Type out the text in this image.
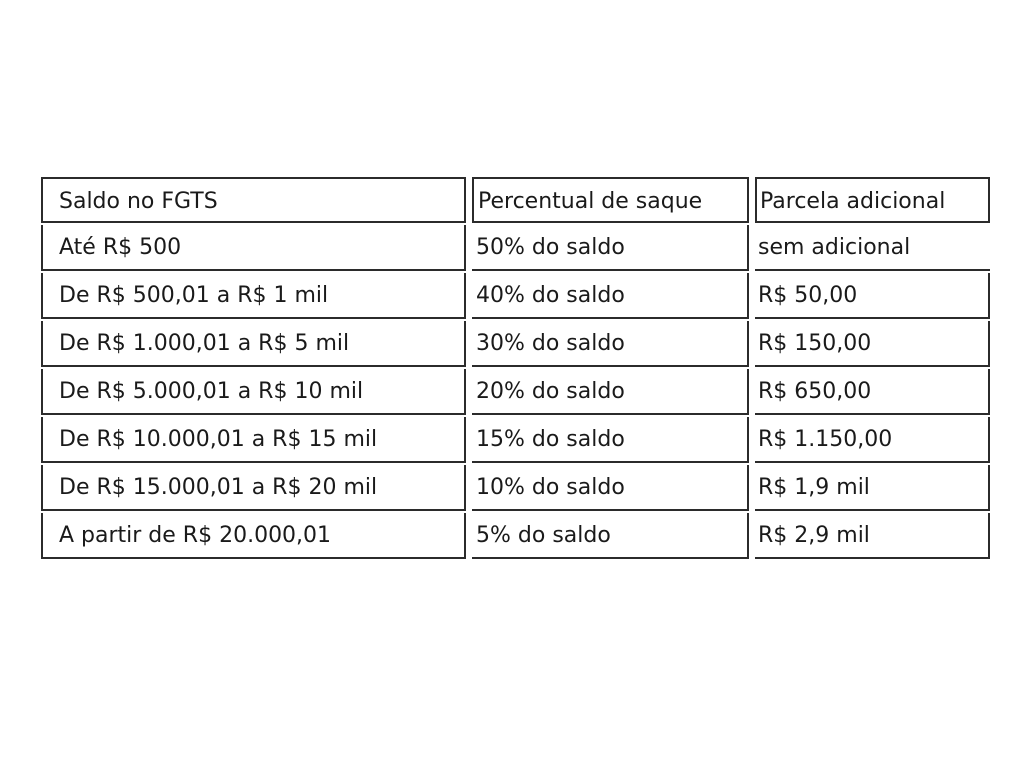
Saldo no FGTS	Percentual de saque	Parcela adicional
Até R$ 500	50% do saldo	sem adicional
De R$ 500,01 a R$ 1 mil	40% do saldo	R$ 50,00
De R$ 1.000,01 a R$ 5 mil	30% do saldo	R$ 150,00
De R$ 5.000,01 a R$ 10 mil	20% do saldo	R$ 650,00
De R$ 10.000,01 a R$ 15 mil	15% do saldo	R$ 1.150,00
De R$ 15.000,01 a R$ 20 mil	10% do saldo	R$ 1,9 mil
A partir de R$ 20.000,01	5% do saldo	R$ 2,9 mil
